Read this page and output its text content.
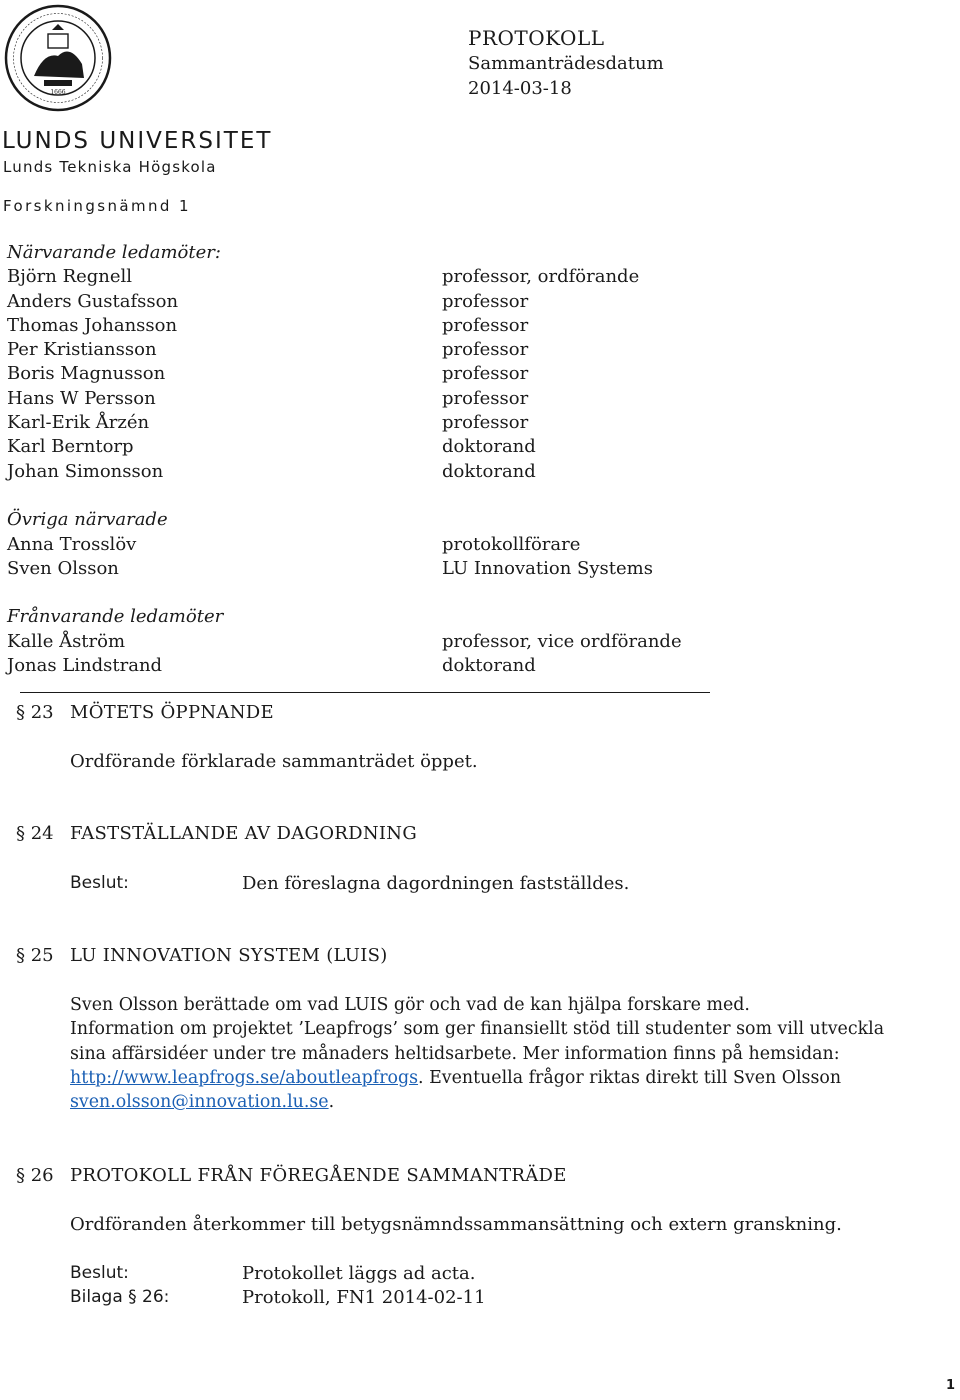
1666
LUNDS UNIVERSITET
Lunds Tekniska Högskola
Forskningsnämnd 1
PROTOKOLL
Sammanträdesdatum
2014-03-18
Närvarande ledamöter:
Björn Regnell	professor, ordförande
Anders Gustafsson	professor
Thomas Johansson	professor
Per Kristiansson	professor
Boris Magnusson	professor
Hans W Persson	professor
Karl-Erik Årzén	professor
Karl Berntorp	doktorand
Johan Simonsson	doktorand
Övriga närvarade
Anna Trosslöv	protokollförare
Sven Olsson	LU Innovation Systems
Frånvarande ledamöter
Kalle Åström	professor, vice ordförande
Jonas Lindstrand	doktorand
§ 23 MÖTETS ÖPPNANDE
Ordförande förklarade sammanträdet öppet.
§ 24 FASTSTÄLLANDE AV DAGORDNING
Beslut:	Den föreslagna dagordningen fastställdes.
§ 25 LU INNOVATION SYSTEM (LUIS)
Sven Olsson berättade om vad LUIS gör och vad de kan hjälpa forskare med.
Information om projektet ’Leapfrogs’ som ger finansiellt stöd till studenter som vill utveckla
sina affärsidéer under tre månaders heltidsarbete. Mer information finns på hemsidan:
http://www.leapfrogs.se/aboutleapfrogs. Eventuella frågor riktas direkt till Sven Olsson
sven.olsson@innovation.lu.se.
§ 26 PROTOKOLL FRÅN FÖREGÅENDE SAMMANTRÄDE
Ordföranden återkommer till betygsnämndssammansättning och extern granskning.
Beslut:	Protokollet läggs ad acta.
Bilaga § 26:	Protokoll, FN1 2014-02-11
1
